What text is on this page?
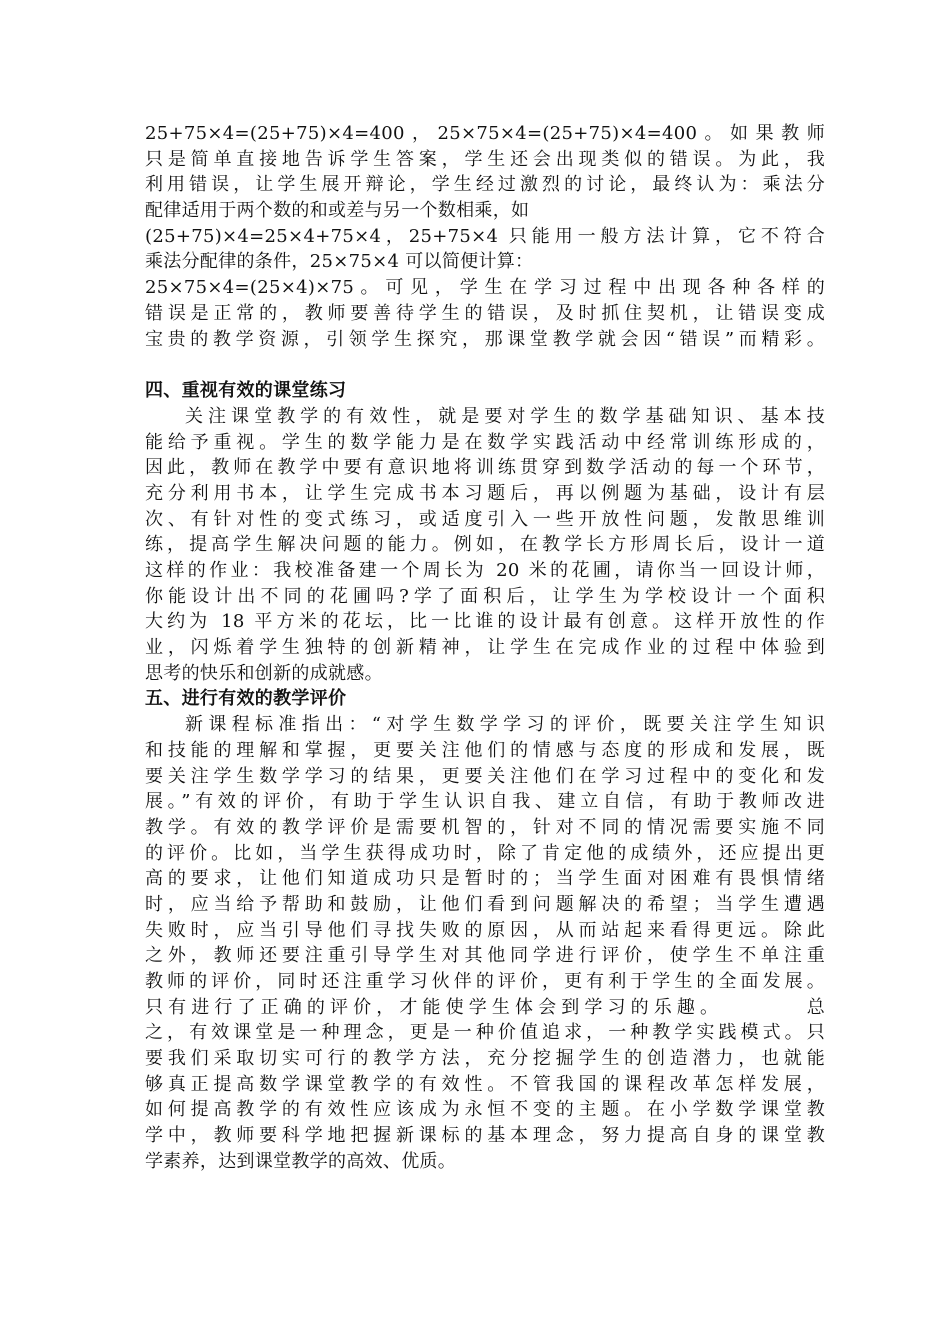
25+75×4=(25+75)×4=400，25×75×4=(25+75)×4=400。如果教师
只是简单直接地告诉学生答案，学生还会出现类似的错误。为此，我
利用错误，让学生展开辩论，学生经过激烈的讨论，最终认为：乘法分
配律适用于两个数的和或差与另一个数相乘，如
(25+75)×4=25×4+75×4，25+75×4 只能用一般方法计算，它不符合
乘法分配律的条件，25×75×4 可以简便计算：
25×75×4=(25×4)×75。可见，学生在学习过程中出现各种各样的
错误是正常的，教师要善待学生的错误，及时抓住契机，让错误变成
宝贵的教学资源，引领学生探究，那课堂教学就会因“错误”而精彩。
四、重视有效的课堂练习
关注课堂教学的有效性，就是要对学生的数学基础知识、基本技
能给予重视。学生的数学能力是在数学实践活动中经常训练形成的，
因此，教师在教学中要有意识地将训练贯穿到数学活动的每一个环节，
充分利用书本，让学生完成书本习题后，再以例题为基础，设计有层
次、有针对性的变式练习，或适度引入一些开放性问题，发散思维训
练，提高学生解决问题的能力。例如，在教学长方形周长后，设计一道
这样的作业：我校准备建一个周长为 20 米的花圃，请你当一回设计师，
你能设计出不同的花圃吗?学了面积后，让学生为学校设计一个面积
大约为 18 平方米的花坛，比一比谁的设计最有创意。这样开放性的作
业，闪烁着学生独特的创新精神，让学生在完成作业的过程中体验到
思考的快乐和创新的成就感。
五、进行有效的教学评价
新课程标准指出：“对学生数学学习的评价，既要关注学生知识
和技能的理解和掌握，更要关注他们的情感与态度的形成和发展，既
要关注学生数学学习的结果，更要关注他们在学习过程中的变化和发
展。”有效的评价，有助于学生认识自我、建立自信，有助于教师改进
教学。有效的教学评价是需要机智的，针对不同的情况需要实施不同
的评价。比如，当学生获得成功时，除了肯定他的成绩外，还应提出更
高的要求，让他们知道成功只是暂时的；当学生面对困难有畏惧情绪
时，应当给予帮助和鼓励，让他们看到问题解决的希望；当学生遭遇
失败时，应当引导他们寻找失败的原因，从而站起来看得更远。除此
之外，教师还要注重引导学生对其他同学进行评价，使学生不单注重
教师的评价，同时还注重学习伙伴的评价，更有利于学生的全面发展。
只有进行了正确的评价，才能使学生体会到学习的乐趣。　　　　总
之，有效课堂是一种理念，更是一种价值追求，一种教学实践模式。只
要我们采取切实可行的教学方法，充分挖掘学生的创造潜力，也就能
够真正提高数学课堂教学的有效性。不管我国的课程改革怎样发展，
如何提高教学的有效性应该成为永恒不变的主题。在小学数学课堂教
学中，教师要科学地把握新课标的基本理念，努力提高自身的课堂教
学素养，达到课堂教学的高效、优质。
